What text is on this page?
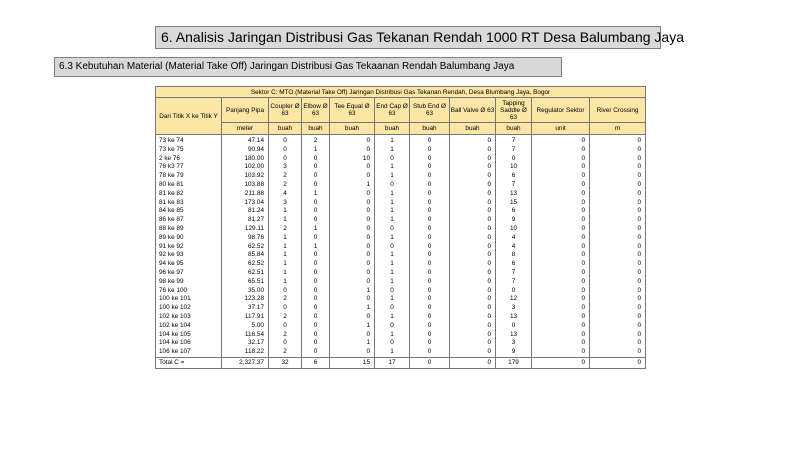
6. Analisis Jaringan Distribusi Gas Tekanan Rendah 1000 RT Desa Balumbang Jaya
6.3 Kebutuhan Material (Material Take Off) Jaringan Distribusi Gas Tekaanan Rendah Balumbang Jaya
Sektor C: MTO (Material Take Off) Jaringan Distribusi Gas Tekanan Rendah, Desa Blumbang Jaya, Bogor										
Dari Titik X ke Titik Y	Panjang Pipa	Coupler Ø 63	Elbow Ø 63	Tee Equal Ø 63	End Cap Ø 63	Stub End Ø 63	Ball Valve Ø 63	Tapping Saddle Ø 63	Regulator Sektor	River Crossing
	meter	buah	buah	buah	buah	buah	buah	buah	unit	m
73 ke 74	47.14	0	2	0	1	0	0	7	0	0
73 ke 75	90.94	0	1	0	1	0	0	7	0	0
2 ke 76	180.00	0	0	10	0	0	0	0	0	0
76 k3 77	102.00	3	0	0	1	0	0	10	0	0
78 ke 79	103.92	2	0	0	1	0	0	6	0	0
80 ke 81	103.88	2	0	1	0	0	0	7	0	0
81 ke 82	211.88	4	1	0	1	0	0	13	0	0
81 ke 83	173.04	3	0	0	1	0	0	15	0	0
84 ke 85	81.24	1	0	0	1	0	0	6	0	0
86 ke 87	81.27	1	0	0	1	0	0	9	0	0
88 ke 89	129.11	2	1	0	0	0	0	10	0	0
89 ke 90	98.76	1	0	0	1	0	0	4	0	0
91 ke 92	62.52	1	1	0	0	0	0	4	0	0
92 ke 93	85.84	1	0	0	1	0	0	8	0	0
94 ke 95	62.52	1	0	0	1	0	0	6	0	0
96 ke 97	62.51	1	0	0	1	0	0	7	0	0
98 ke 99	65.51	1	0	0	1	0	0	7	0	0
76 ke 100	35.00	0	0	1	0	0	0	0	0	0
100 ke 101	123.28	2	0	0	1	0	0	12	0	0
100 ke 102	37.17	0	0	1	0	0	0	3	0	0
102 ke 103	117.91	2	0	0	1	0	0	13	0	0
102 ke 104	5.00	0	0	1	0	0	0	0	0	0
104 ke 105	116.54	2	0	0	1	0	0	13	0	0
104 ke 106	32.17	0	0	1	0	0	0	3	0	0
106 ke 107	118.22	2	0	0	1	0	0	9	0	0
Total C =	2,327.37	32	6	15	17	0	0	179	0	0
